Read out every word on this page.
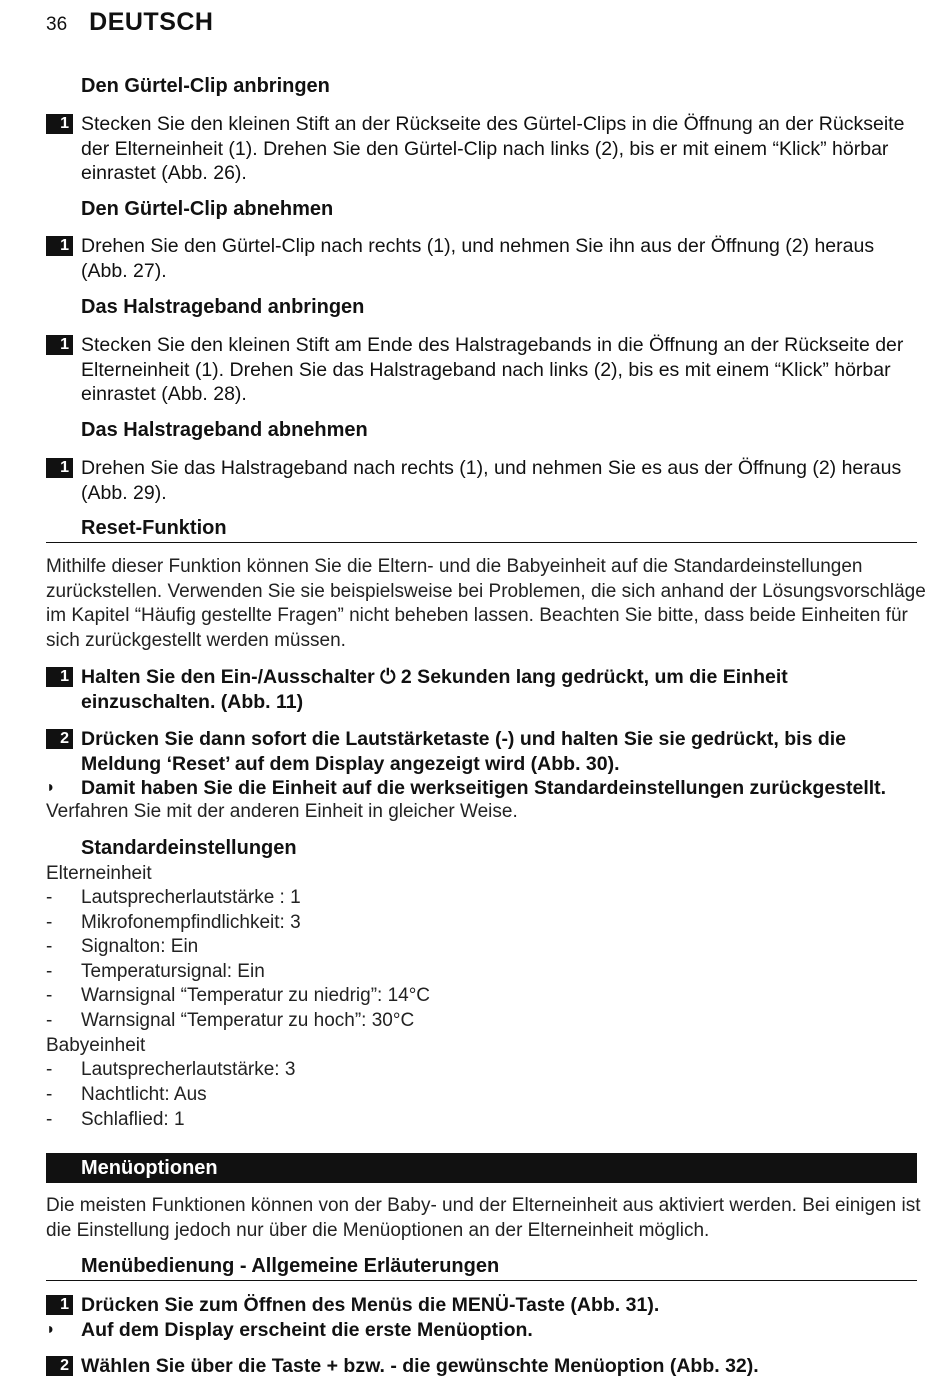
36 DEUTSCH
Den Gürtel-Clip anbringen
1 Stecken Sie den kleinen Stift an der Rückseite des Gürtel-Clips in die Öffnung an der Rückseite der Elterneinheit (1). Drehen Sie den Gürtel-Clip nach links (2), bis er mit einem “Klick” hörbar einrastet (Abb. 26).
Den Gürtel-Clip abnehmen
1 Drehen Sie den Gürtel-Clip nach rechts (1), und nehmen Sie ihn aus der Öffnung (2) heraus (Abb. 27).
Das Halstrageband anbringen
1 Stecken Sie den kleinen Stift am Ende des Halstragebands in die Öffnung an der Rückseite der Elterneinheit (1). Drehen Sie das Halstrageband nach links (2), bis es mit einem “Klick” hörbar einrastet (Abb. 28).
Das Halstrageband abnehmen
1 Drehen Sie das Halstrageband nach rechts (1), und nehmen Sie es aus der Öffnung (2) heraus (Abb. 29).
Reset-Funktion
Mithilfe dieser Funktion können Sie die Eltern- und die Babyeinheit auf die Standardeinstellungen zurückstellen. Verwenden Sie sie beispielsweise bei Problemen, die sich anhand der Lösungsvorschläge im Kapitel “Häufig gestellte Fragen” nicht beheben lassen. Beachten Sie bitte, dass beide Einheiten für sich zurückgestellt werden müssen.
1 Halten Sie den Ein-/Ausschalter ⏻ 2 Sekunden lang gedrückt, um die Einheit einzuschalten. (Abb. 11)
2 Drücken Sie dann sofort die Lautstärketaste (-) und halten Sie sie gedrückt, bis die Meldung ‘Reset’ auf dem Display angezeigt wird (Abb. 30).
◗ Damit haben Sie die Einheit auf die werkseitigen Standardeinstellungen zurückgestellt.
Verfahren Sie mit der anderen Einheit in gleicher Weise.
Standardeinstellungen
Elterneinheit
- Lautsprecherlautstärke : 1
- Mikrofonempfindlichkeit: 3
- Signalton: Ein
- Temperatursignal: Ein
- Warnsignal “Temperatur zu niedrig”: 14°C
- Warnsignal “Temperatur zu hoch”: 30°C
Babyeinheit
- Lautsprecherlautstärke: 3
- Nachtlicht: Aus
- Schlaflied: 1
Menüoptionen
Die meisten Funktionen können von der Baby- und der Elterneinheit aus aktiviert werden. Bei einigen ist die Einstellung jedoch nur über die Menüoptionen an der Elterneinheit möglich.
Menübedienung - Allgemeine Erläuterungen
1 Drücken Sie zum Öffnen des Menüs die MENÜ-Taste (Abb. 31).
◗ Auf dem Display erscheint die erste Menüoption.
2 Wählen Sie über die Taste + bzw. - die gewünschte Menüoption (Abb. 32).
